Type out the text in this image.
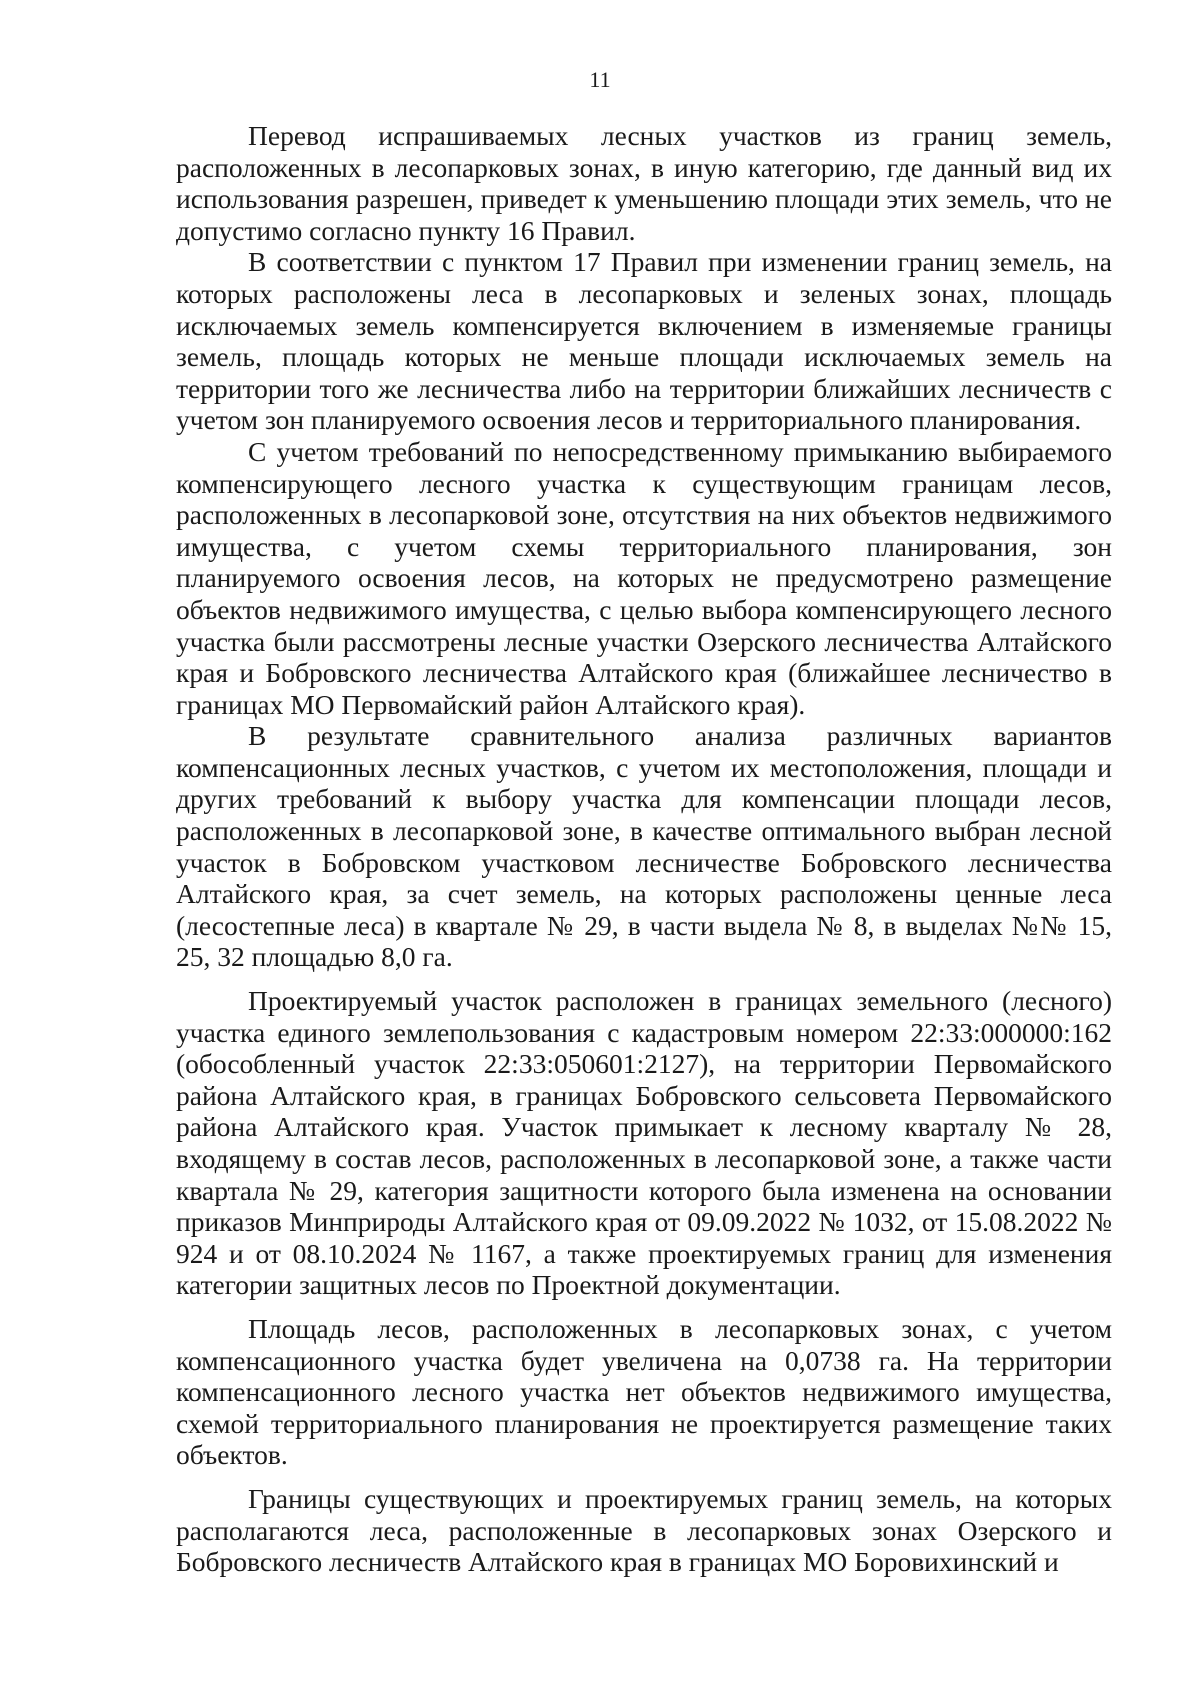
11

Перевод испрашиваемых лесных участков из границ земель, расположенных в лесопарковых зонах, в иную категорию, где данный вид их использования разрешен, приведет к уменьшению площади этих земель, что не допустимо согласно пункту 16 Правил.

В соответствии с пунктом 17 Правил при изменении границ земель, на которых расположены леса в лесопарковых и зеленых зонах, площадь исключаемых земель компенсируется включением в изменяемые границы земель, площадь которых не меньше площади исключаемых земель на территории того же лесничества либо на территории ближайших лесничеств с учетом зон планируемого освоения лесов и территориального планирования.

С учетом требований по непосредственному примыканию выбираемого компенсирующего лесного участка к существующим границам лесов, расположенных в лесопарковой зоне, отсутствия на них объектов недвижимого имущества, с учетом схемы территориального планирования, зон планируемого освоения лесов, на которых не предусмотрено размещение объектов недвижимого имущества, с целью выбора компенсирующего лесного участка были рассмотрены лесные участки Озерского лесничества Алтайского края и Бобровского лесничества Алтайского края (ближайшее лесничество в границах МО Первомайский район Алтайского края).

В результате сравнительного анализа различных вариантов компенсационных лесных участков, с учетом их местоположения, площади и других требований к выбору участка для компенсации площади лесов, расположенных в лесопарковой зоне, в качестве оптимального выбран лесной участок в Бобровском участковом лесничестве Бобровского лесничества Алтайского края, за счет земель, на которых расположены ценные леса (лесостепные леса) в квартале № 29, в части выдела № 8, в выделах №№ 15, 25, 32 площадью 8,0 га.

Проектируемый участок расположен в границах земельного (лесного) участка единого землепользования с кадастровым номером 22:33:000000:162 (обособленный участок 22:33:050601:2127), на территории Первомайского района Алтайского края, в границах Бобровского сельсовета Первомайского района Алтайского края. Участок примыкает к лесному кварталу № 28, входящему в состав лесов, расположенных в лесопарковой зоне, а также части квартала № 29, категория защитности которого была изменена на основании приказов Минприроды Алтайского края от 09.09.2022 № 1032, от 15.08.2022 № 924 и от 08.10.2024 № 1167, а также проектируемых границ для изменения категории защитных лесов по Проектной документации.

Площадь лесов, расположенных в лесопарковых зонах, с учетом компенсационного участка будет увеличена на 0,0738 га. На территории компенсационного лесного участка нет объектов недвижимого имущества, схемой территориального планирования не проектируется размещение таких объектов.

Границы существующих и проектируемых границ земель, на которых располагаются леса, расположенные в лесопарковых зонах Озерского и Бобровского лесничеств Алтайского края в границах МО Боровихинский и
